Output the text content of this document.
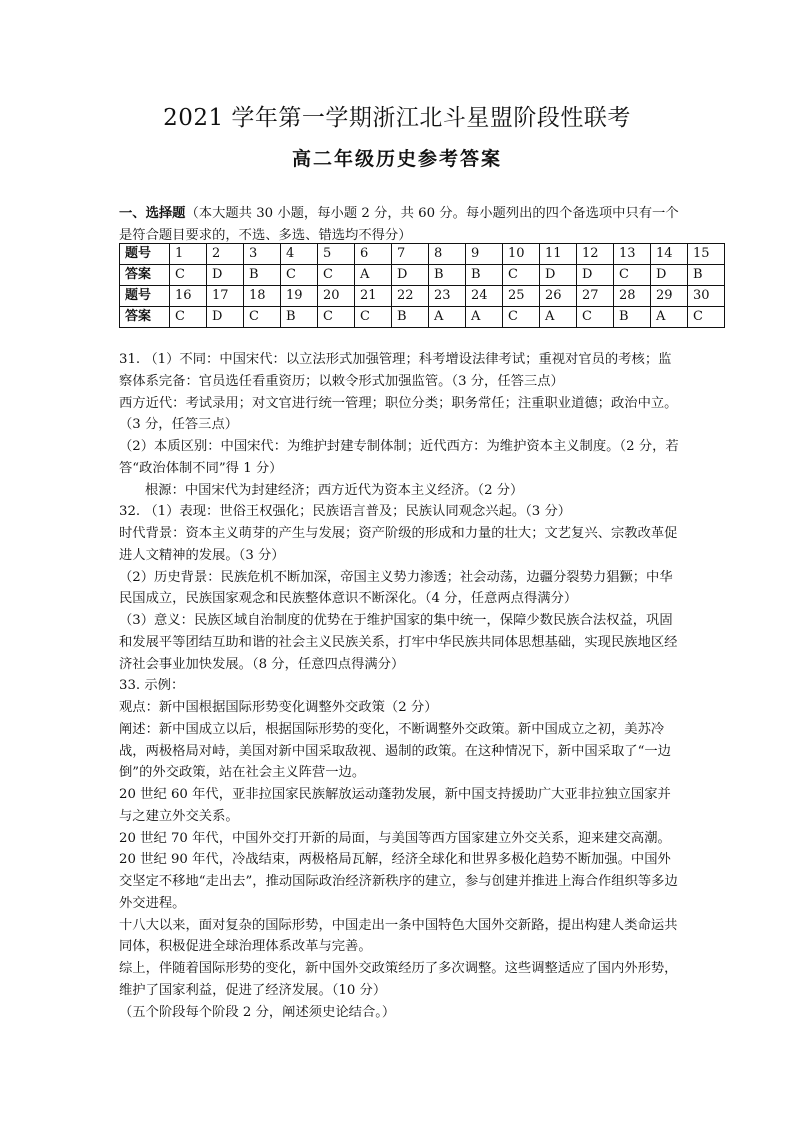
2021 学年第一学期浙江北斗星盟阶段性联考
高二年级历史参考答案
一、选择题（本大题共 30 小题，每小题 2 分，共 60 分。每小题列出的四个备选项中只有一个是符合题目要求的，不选、多选、错选均不得分）
题号	1	2	3	4	5	6	7	8	9	10	11	12	13	14	15
答案	C	D	B	C	C	A	D	B	B	C	D	D	C	D	B
题号	16	17	18	19	20	21	22	23	24	25	26	27	28	29	30
答案	C	D	C	B	C	C	B	A	A	C	A	C	B	A	C

31. （1）不同：中国宋代：以立法形式加强管理；科考增设法律考试；重视对官员的考核；监察体系完备：官员选任看重资历；以敕令形式加强监管。（3 分，任答三点）

西方近代：考试录用；对文官进行统一管理；职位分类；职务常任；注重职业道德；政治中立。（3 分，任答三点）

（2）本质区别：中国宋代：为维护封建专制体制；近代西方：为维护资本主义制度。（2 分，若答“政治体制不同”得 1 分）

根源：中国宋代为封建经济；西方近代为资本主义经济。（2 分）

32. （1）表现：世俗王权强化；民族语言普及；民族认同观念兴起。（3 分）

时代背景：资本主义萌芽的产生与发展；资产阶级的形成和力量的壮大；文艺复兴、宗教改革促进人文精神的发展。（3 分）

（2）历史背景：民族危机不断加深，帝国主义势力渗透；社会动荡，边疆分裂势力猖獗；中华民国成立，民族国家观念和民族整体意识不断深化。（4 分，任意两点得满分）

（3）意义：民族区域自治制度的优势在于维护国家的集中统一，保障少数民族合法权益，巩固和发展平等团结互助和谐的社会主义民族关系，打牢中华民族共同体思想基础，实现民族地区经济社会事业加快发展。（8 分，任意四点得满分）

33. 示例：

观点：新中国根据国际形势变化调整外交政策（2 分）

阐述：新中国成立以后，根据国际形势的变化，不断调整外交政策。新中国成立之初，美苏冷战，两极格局对峙，美国对新中国采取敌视、遏制的政策。在这种情况下，新中国采取了“一边倒”的外交政策，站在社会主义阵营一边。

20 世纪 60 年代，亚非拉国家民族解放运动蓬勃发展，新中国支持援助广大亚非拉独立国家并与之建立外交关系。

20 世纪 70 年代，中国外交打开新的局面，与美国等西方国家建立外交关系，迎来建交高潮。

20 世纪 90 年代，冷战结束，两极格局瓦解，经济全球化和世界多极化趋势不断加强。中国外交坚定不移地“走出去”，推动国际政治经济新秩序的建立，参与创建并推进上海合作组织等多边外交进程。

十八大以来，面对复杂的国际形势，中国走出一条中国特色大国外交新路，提出构建人类命运共同体，积极促进全球治理体系改革与完善。

综上，伴随着国际形势的变化，新中国外交政策经历了多次调整。这些调整适应了国内外形势，维护了国家利益，促进了经济发展。（10 分）

（五个阶段每个阶段 2 分，阐述须史论结合。）
